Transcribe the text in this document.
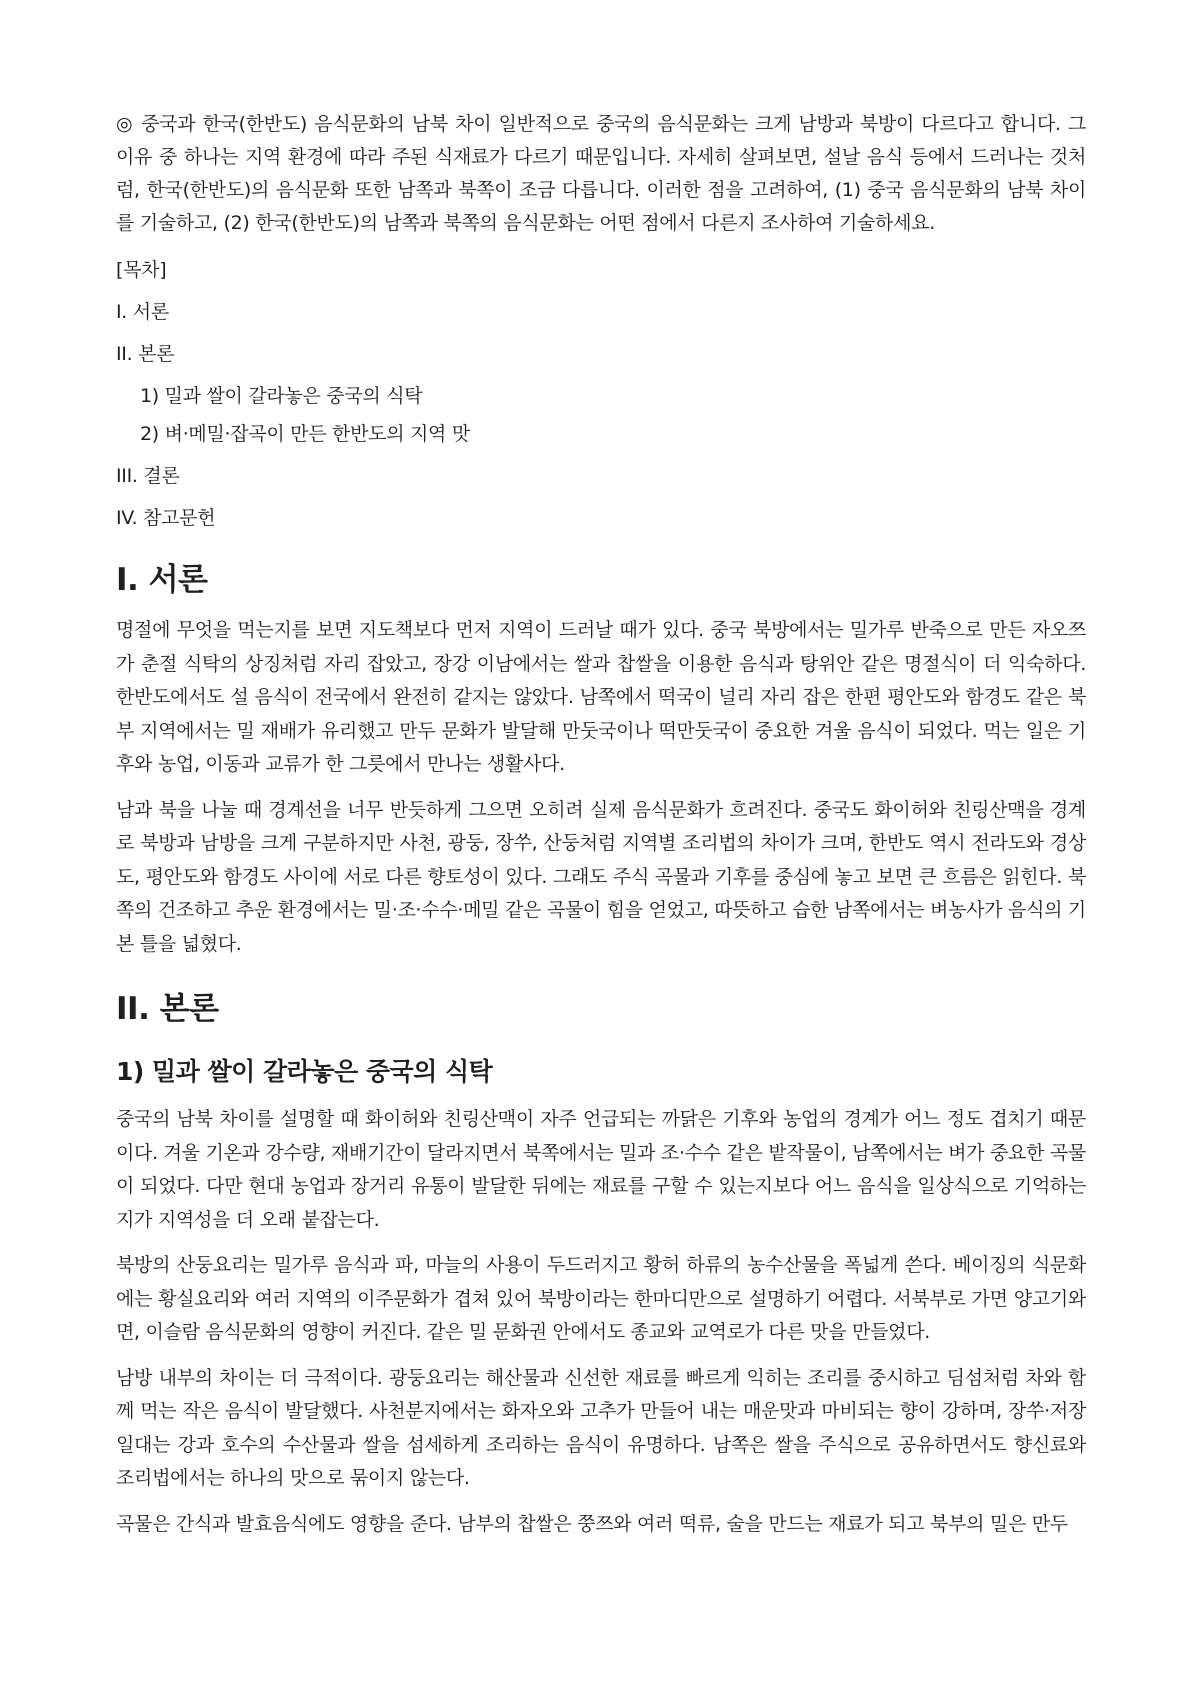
◎ 중국과 한국(한반도) 음식문화의 남북 차이 일반적으로 중국의 음식문화는 크게 남방과 북방이 다르다고 합니다. 그 이유 중 하나는 지역 환경에 따라 주된 식재료가 다르기 때문입니다. 자세히 살펴보면, 설날 음식 등에서 드러나는 것처럼, 한국(한반도)의 음식문화 또한 남쪽과 북쪽이 조금 다릅니다. 이러한 점을 고려하여, (1) 중국 음식문화의 남북 차이를 기술하고, (2) 한국(한반도)의 남쪽과 북쪽의 음식문화는 어떤 점에서 다른지 조사하여 기술하세요.

[목차]
I. 서론
II. 본론
1) 밀과 쌀이 갈라놓은 중국의 식탁
2) 벼·메밀·잡곡이 만든 한반도의 지역 맛
III. 결론
IV. 참고문헌
I. 서론

명절에 무엇을 먹는지를 보면 지도책보다 먼저 지역이 드러날 때가 있다. 중국 북방에서는 밀가루 반죽으로 만든 자오쯔가 춘절 식탁의 상징처럼 자리 잡았고, 장강 이남에서는 쌀과 찹쌀을 이용한 음식과 탕위안 같은 명절식이 더 익숙하다. 한반도에서도 설 음식이 전국에서 완전히 같지는 않았다. 남쪽에서 떡국이 널리 자리 잡은 한편 평안도와 함경도 같은 북부 지역에서는 밀 재배가 유리했고 만두 문화가 발달해 만둣국이나 떡만둣국이 중요한 겨울 음식이 되었다. 먹는 일은 기후와 농업, 이동과 교류가 한 그릇에서 만나는 생활사다.

남과 북을 나눌 때 경계선을 너무 반듯하게 그으면 오히려 실제 음식문화가 흐려진다. 중국도 화이허와 친링산맥을 경계로 북방과 남방을 크게 구분하지만 사천, 광둥, 장쑤, 산둥처럼 지역별 조리법의 차이가 크며, 한반도 역시 전라도와 경상도, 평안도와 함경도 사이에 서로 다른 향토성이 있다. 그래도 주식 곡물과 기후를 중심에 놓고 보면 큰 흐름은 읽힌다. 북쪽의 건조하고 추운 환경에서는 밀·조·수수·메밀 같은 곡물이 힘을 얻었고, 따뜻하고 습한 남쪽에서는 벼농사가 음식의 기본 틀을 넓혔다.

II. 본론
1) 밀과 쌀이 갈라놓은 중국의 식탁

중국의 남북 차이를 설명할 때 화이허와 친링산맥이 자주 언급되는 까닭은 기후와 농업의 경계가 어느 정도 겹치기 때문이다. 겨울 기온과 강수량, 재배기간이 달라지면서 북쪽에서는 밀과 조·수수 같은 밭작물이, 남쪽에서는 벼가 중요한 곡물이 되었다. 다만 현대 농업과 장거리 유통이 발달한 뒤에는 재료를 구할 수 있는지보다 어느 음식을 일상식으로 기억하는지가 지역성을 더 오래 붙잡는다.

북방의 산둥요리는 밀가루 음식과 파, 마늘의 사용이 두드러지고 황허 하류의 농수산물을 폭넓게 쓴다. 베이징의 식문화에는 황실요리와 여러 지역의 이주문화가 겹쳐 있어 북방이라는 한마디만으로 설명하기 어렵다. 서북부로 가면 양고기와 면, 이슬람 음식문화의 영향이 커진다. 같은 밀 문화권 안에서도 종교와 교역로가 다른 맛을 만들었다.

남방 내부의 차이는 더 극적이다. 광둥요리는 해산물과 신선한 재료를 빠르게 익히는 조리를 중시하고 딤섬처럼 차와 함께 먹는 작은 음식이 발달했다. 사천분지에서는 화자오와 고추가 만들어 내는 매운맛과 마비되는 향이 강하며, 장쑤·저장 일대는 강과 호수의 수산물과 쌀을 섬세하게 조리하는 음식이 유명하다. 남쪽은 쌀을 주식으로 공유하면서도 향신료와 조리법에서는 하나의 맛으로 묶이지 않는다.

곡물은 간식과 발효음식에도 영향을 준다. 남부의 찹쌀은 쭝쯔와 여러 떡류, 술을 만드는 재료가 되고 북부의 밀은 만두
